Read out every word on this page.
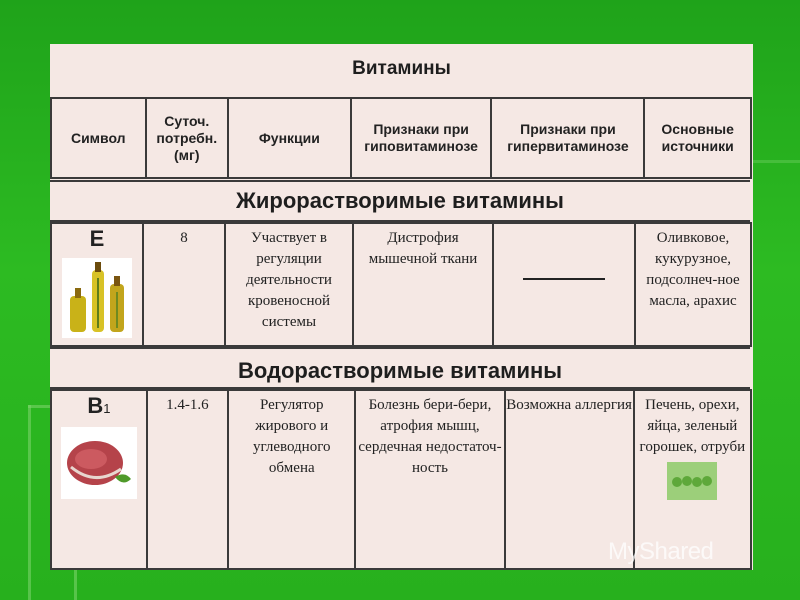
Витамины
Символ	Суточ. потребн. (мг)	Функции	Признаки при гиповитаминозе	Признаки при гипервитаминозе	Основные источники
Жирорастворимые витамины
E	8	Участвует в регуляции деятельности кровеносной системы	Дистрофия мышечной ткани		Оливковое, кукурузное, подсолнеч-ное масла, арахис
Водорастворимые витамины
B1	1.4-1.6	Регулятор жирового и углеводного обмена	Болезнь бери-бери, атрофия мышц, сердечная недостаточ-ность	Возможна аллергия	Печень, орехи, яйца, зеленый горошек, отруби
MyShared
